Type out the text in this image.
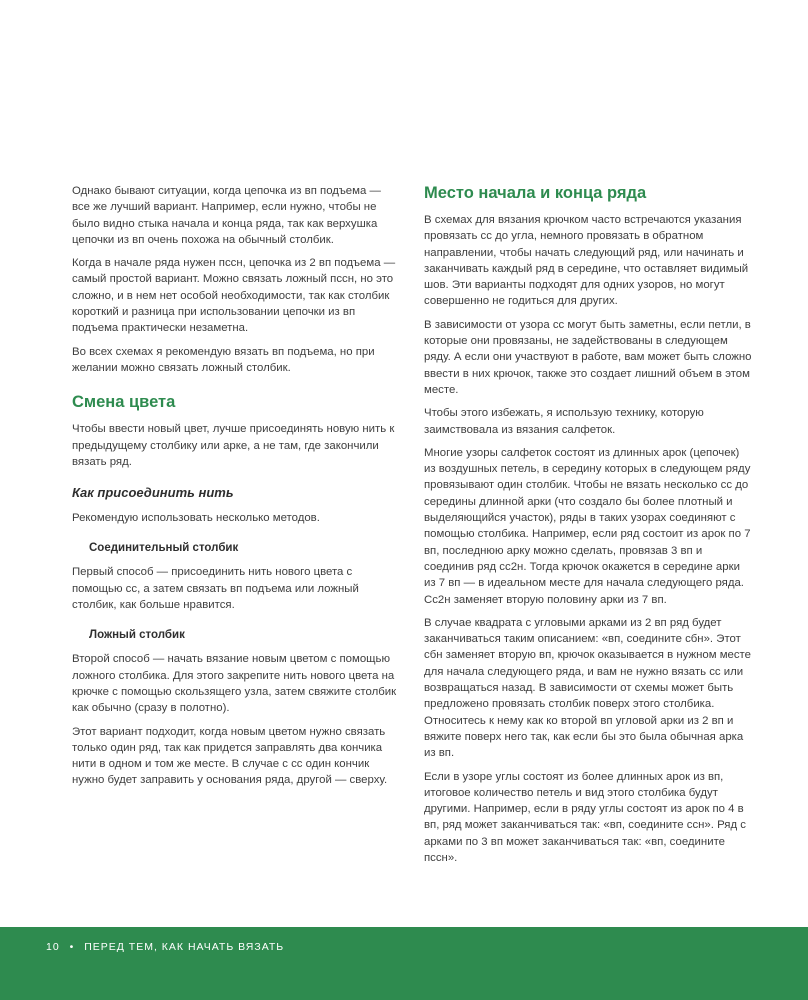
Однако бывают ситуации, когда цепочка из вп подъема — все же лучший вариант. Например, если нужно, чтобы не было видно стыка начала и конца ряда, так как верхушка цепочки из вп очень похожа на обычный столбик.

Когда в начале ряда нужен пссн, цепочка из 2 вп подъема — самый простой вариант. Можно связать ложный пссн, но это сложно, и в нем нет особой необходимости, так как столбик короткий и разница при использовании цепочки из вп подъема практически незаметна.

Во всех схемах я рекомендую вязать вп подъема, но при желании можно связать ложный столбик.

Смена цвета

Чтобы ввести новый цвет, лучше присоединять новую нить к предыдущему столбику или арке, а не там, где закончили вязать ряд.

Как присоединить нить

Рекомендую использовать несколько методов.

Соединительный столбик

Первый способ — присоединить нить нового цвета с помощью сс, а затем связать вп подъема или ложный столбик, как больше нравится.

Ложный столбик

Второй способ — начать вязание новым цветом с помощью ложного столбика. Для этого закрепите нить нового цвета на крючке с помощью скользящего узла, затем свяжите столбик как обычно (сразу в полотно).

Этот вариант подходит, когда новым цветом нужно связать только один ряд, так как придется заправлять два кончика нити в одном и том же месте. В случае с сс один кончик нужно будет заправить у основания ряда, другой — сверху.

Место начала и конца ряда

В схемах для вязания крючком часто встречаются указания провязать сс до угла, немного провязать в обратном направлении, чтобы начать следующий ряд, или начинать и заканчивать каждый ряд в середине, что оставляет видимый шов. Эти варианты подходят для одних узоров, но могут совершенно не годиться для других.

В зависимости от узора сс могут быть заметны, если петли, в которые они провязаны, не задействованы в следующем ряду. А если они участвуют в работе, вам может быть сложно ввести в них крючок, также это создает лишний объем в этом месте.

Чтобы этого избежать, я использую технику, которую заимствовала из вязания салфеток.

Многие узоры салфеток состоят из длинных арок (цепочек) из воздушных петель, в середину которых в следующем ряду провязывают один столбик. Чтобы не вязать несколько сс до середины длинной арки (что создало бы более плотный и выделяющийся участок), ряды в таких узорах соединяют с помощью столбика. Например, если ряд состоит из арок по 7 вп, последнюю арку можно сделать, провязав 3 вп и соединив ряд сс2н. Тогда крючок окажется в середине арки из 7 вп — в идеальном месте для начала следующего ряда. Сс2н заменяет вторую половину арки из 7 вп.

В случае квадрата с угловыми арками из 2 вп ряд будет заканчиваться таким описанием: «вп, соедините сбн». Этот сбн заменяет вторую вп, крючок оказывается в нужном месте для начала следующего ряда, и вам не нужно вязать сс или возвращаться назад. В зависимости от схемы может быть предложено провязать столбик поверх этого столбика. Относитесь к нему как ко второй вп угловой арки из 2 вп и вяжите поверх него так, как если бы это была обычная арка из вп.

Если в узоре углы состоят из более длинных арок из вп, итоговое количество петель и вид этого столбика будут другими. Например, если в ряду углы состоят из арок по 4 в вп, ряд может заканчиваться так: «вп, соедините ссн». Ряд с арками по 3 вп может заканчиваться так: «вп, соедините пссн».

10 • ПЕРЕД ТЕМ, КАК НАЧАТЬ ВЯЗАТЬ
